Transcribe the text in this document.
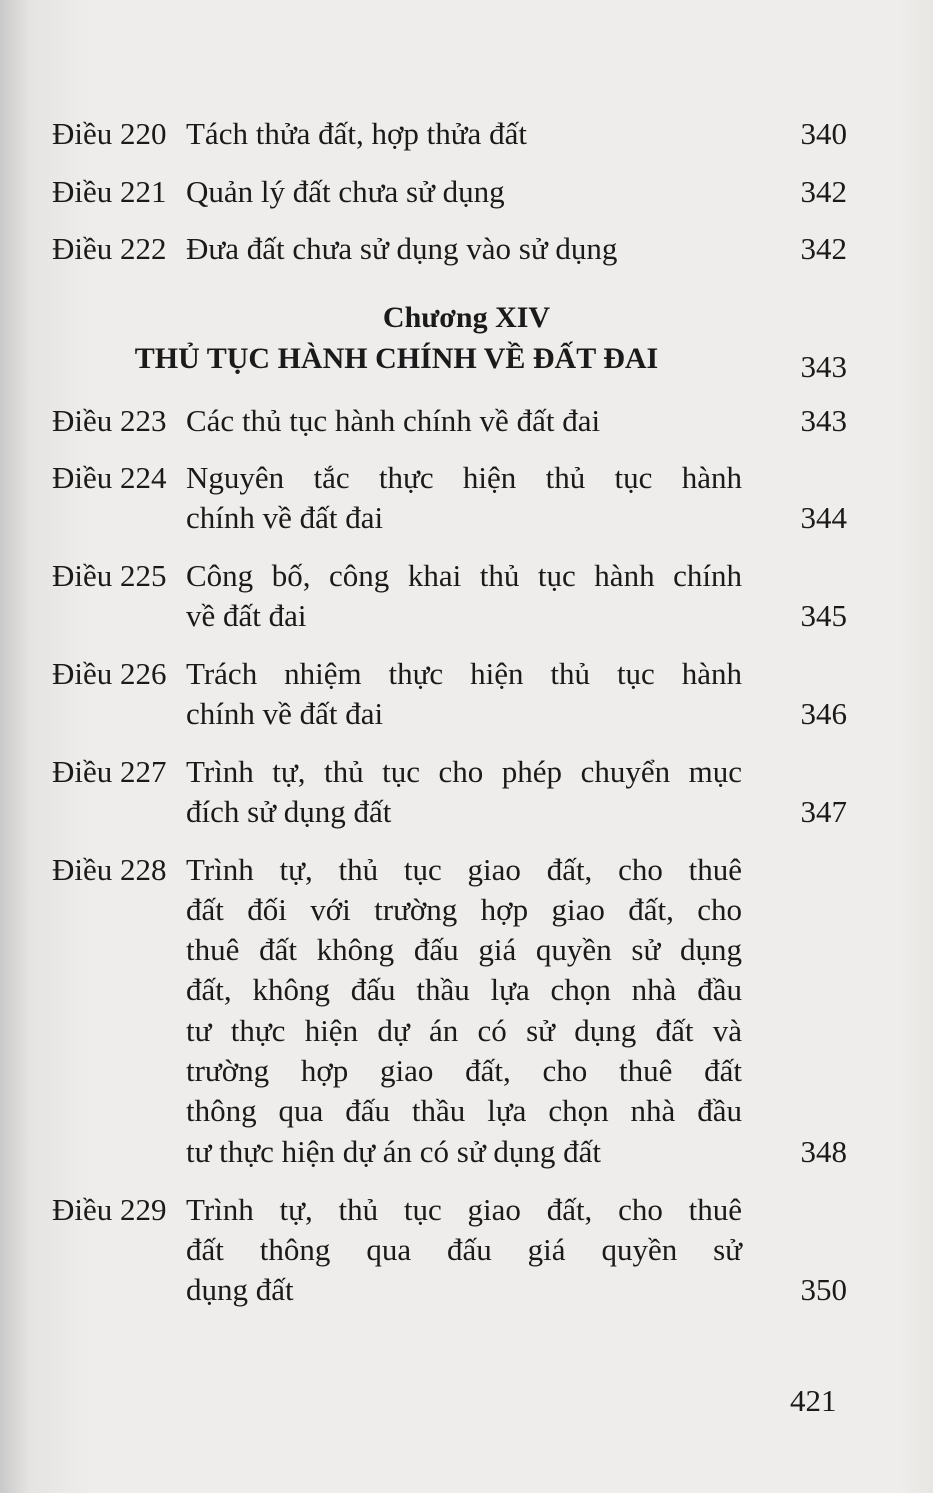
Điều 220 Tách thửa đất, hợp thửa đất	340
Điều 221 Quản lý đất chưa sử dụng	342
Điều 222 Đưa đất chưa sử dụng vào sử dụng	342
Chương XIV
THỦ TỤC HÀNH CHÍNH VỀ ĐẤT ĐAI	343
Điều 223 Các thủ tục hành chính về đất đai	343
Điều 224 Nguyên tắc thực hiện thủ tục hành
chính về đất đai	344
Điều 225 Công bố, công khai thủ tục hành chính
về đất đai	345
Điều 226 Trách nhiệm thực hiện thủ tục hành
chính về đất đai	346
Điều 227 Trình tự, thủ tục cho phép chuyển mục
đích sử dụng đất	347
Điều 228 Trình tự, thủ tục giao đất, cho thuê
đất đối với trường hợp giao đất, cho
thuê đất không đấu giá quyền sử dụng
đất, không đấu thầu lựa chọn nhà đầu
tư thực hiện dự án có sử dụng đất và
trường hợp giao đất, cho thuê đất
thông qua đấu thầu lựa chọn nhà đầu
tư thực hiện dự án có sử dụng đất	348
Điều 229 Trình tự, thủ tục giao đất, cho thuê
đất thông qua đấu giá quyền sử
dụng đất	350
421
